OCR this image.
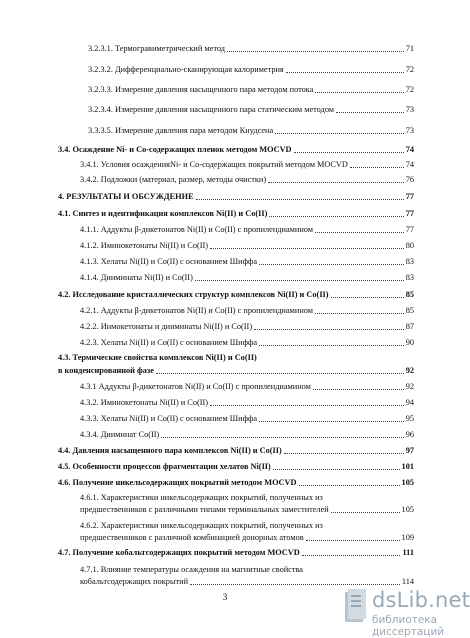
3.2.3.1. Термогравиметрический метод	71
3.2.3.2. Дифференциально-сканирующая калориметрия	72
3.2.3.3. Измерение давления насыщенного пара методом потока	72
3.2.3.4. Измерение давления насыщенного пара статическим методом	73
3.3.3.5. Измерение давления пара методом Кнудсена	73
3.4. Осаждение Ni- и Co-содержащих пленок методом MOCVD	74
3.4.1. Условия осажденияNi- и Co-содержащих покрытий методом MOCVD	74
3.4.2. Подложки (материал, размер, методы очистки)	76
4. РЕЗУЛЬТАТЫ И ОБСУЖДЕНИЕ	77
4.1. Синтез и идентификация комплексов Ni(II) и Co(II)	77
4.1.1. Аддукты β-дикетонатов Ni(II) и Co(II) с пропилендиамином	77
4.1.2. Иминокетонаты Ni(II) и Co(II)	80
4.1.3. Хелаты Ni(II) и Co(II) с основанием Шиффа	83
4.1.4. Дииминаты Ni(II) и Co(II)	83
4.2. Исследование кристаллических структур комплексов Ni(II) и Co(II)	85
4.2.1. Аддукты β-дикетонатов Ni(II) и Co(II) с пропилендиамином	85
4.2.2. Инмокетонаты и дииминаты Ni(II) и Co(II)	87
4.2.3. Хелаты Ni(II) и Co(II) с основанием Шиффа	90
4.3. Термические свойства комплексов Ni(II) и Co(II)
в конденсированной фазе	92
4.3.1 Аддукты β-дикетонатов Ni(II) и Co(II) с пропилендиамином	92
4.3.2. Иминокетонаты Ni(II) и Co(II)	94
4.3.3. Хелаты Ni(II) и Co(II) с основанием Шиффа	95
4.3.4. Дииминат Co(II)	96
4.4. Давления насыщенного пара комплексов Ni(II) и Co(II)	97
4.5. Особенности процессов фрагментации хелатов Ni(II)	101
4.6. Получение никельсодержащих покрытий методом MOCVD	105
4.6.1. Характеристики никельсодержащих покрытий, полученных из
предшественников с различными типами терминальных заместителей	105
4.6.2. Характеристики никельсодержащих покрытий, полученных из
предшественников с различной комбинацией донорных атомов	109
4.7. Получение кобальтсодержащих покрытий методом MOCVD	111
4.7.1. Влияние температуры осаждения на магнитные свойства
кобальтсодержащих покрытий	114
3	dsLib.net
библиотека диссертаций
